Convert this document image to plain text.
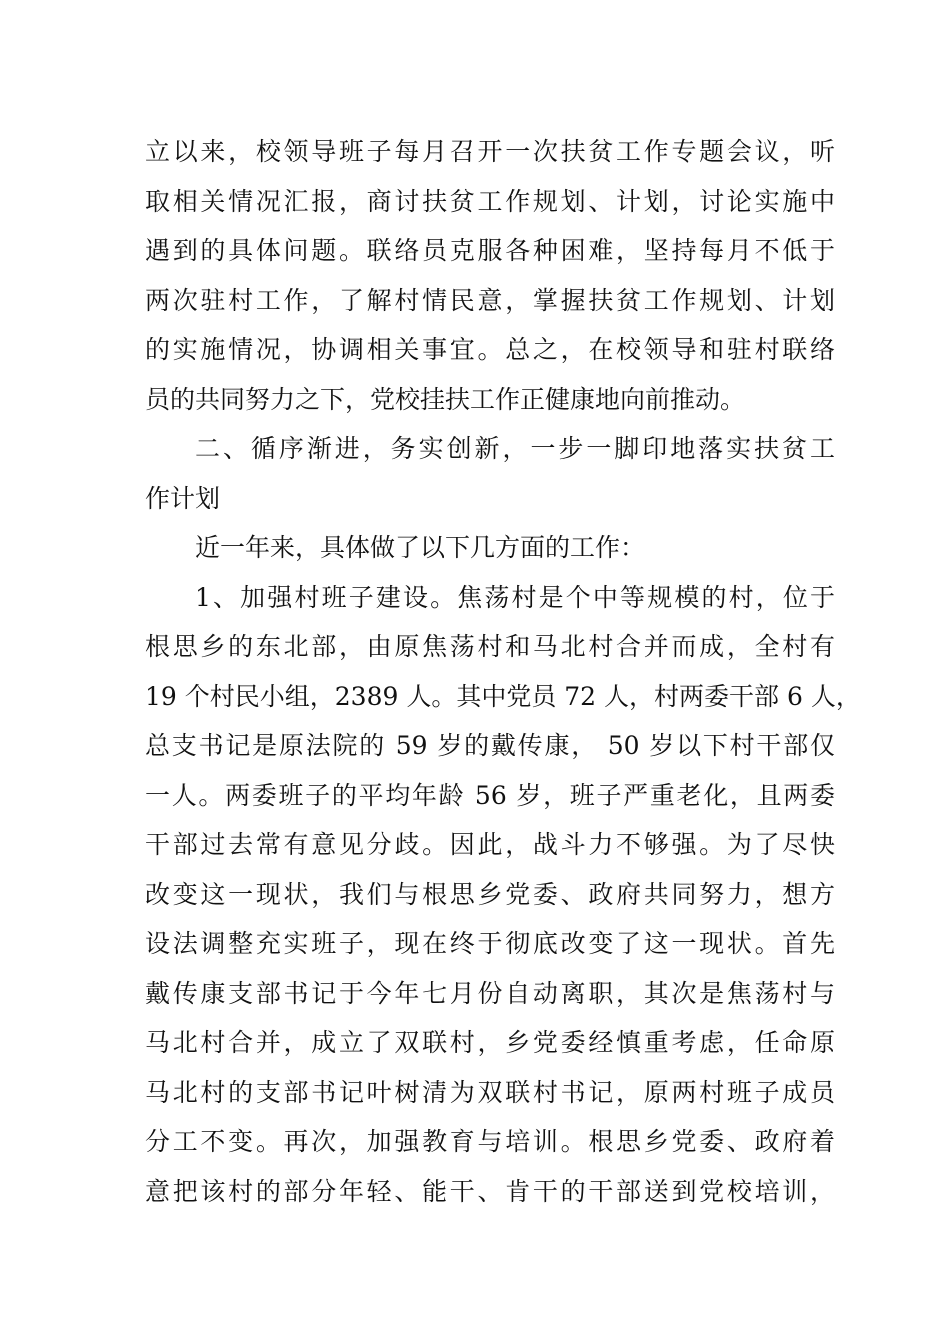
立以来，校领导班子每月召开一次扶贫工作专题会议，听
取相关情况汇报，商讨扶贫工作规划、计划，讨论实施中
遇到的具体问题。联络员克服各种困难，坚持每月不低于
两次驻村工作，了解村情民意，掌握扶贫工作规划、计划
的实施情况，协调相关事宜。总之，在校领导和驻村联络
员的共同努力之下，党校挂扶工作正健康地向前推动。
二、循序渐进，务实创新，一步一脚印地落实扶贫工
作计划
近一年来，具体做了以下几方面的工作：
1、加强村班子建设。焦荡村是个中等规模的村，位于
根思乡的东北部，由原焦荡村和马北村合并而成，全村有
19 个村民小组，2389 人。其中党员 72 人，村两委干部 6 人，
总支书记是原法院的 59 岁的戴传康， 50 岁以下村干部仅
一人。两委班子的平均年龄 56 岁，班子严重老化，且两委
干部过去常有意见分歧。因此，战斗力不够强。为了尽快
改变这一现状，我们与根思乡党委、政府共同努力，想方
设法调整充实班子，现在终于彻底改变了这一现状。首先
戴传康支部书记于今年七月份自动离职，其次是焦荡村与
马北村合并，成立了双联村，乡党委经慎重考虑，任命原
马北村的支部书记叶树清为双联村书记，原两村班子成员
分工不变。再次，加强教育与培训。根思乡党委、政府着
意把该村的部分年轻、能干、肯干的干部送到党校培训，
